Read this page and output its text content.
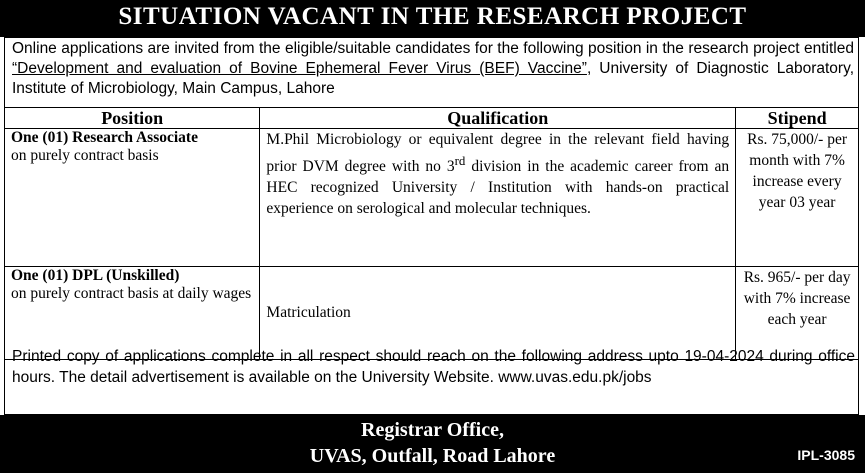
SITUATION VACANT IN THE RESEARCH PROJECT
Online applications are invited from the eligible/suitable candidates for the following position in the research project entitled “Development and evaluation of Bovine Ephemeral Fever Virus (BEF) Vaccine”, University of Diagnostic Laboratory, Institute of Microbiology, Main Campus, Lahore
Position	Qualification	Stipend

One (01) Research Associate
on purely contract basis	M.Phil Microbiology or equivalent degree in the relevant field having prior DVM degree with no 3rd division in the academic career from an HEC recognized University / Institution with hands-on practical experience on serological and molecular techniques.	Rs. 75,000/- per month with 7% increase every year 03 year

One (01) DPL (Unskilled)
on purely contract basis at daily wages	Matriculation	Rs. 965/- per day with 7% increase each year
Printed copy of applications complete in all respect should reach on the following address upto 19-04-2024 during office hours. The detail advertisement is available on the University Website. www.uvas.edu.pk/jobs
Registrar Office,
UVAS, Outfall, Road Lahore	IPL-3085
